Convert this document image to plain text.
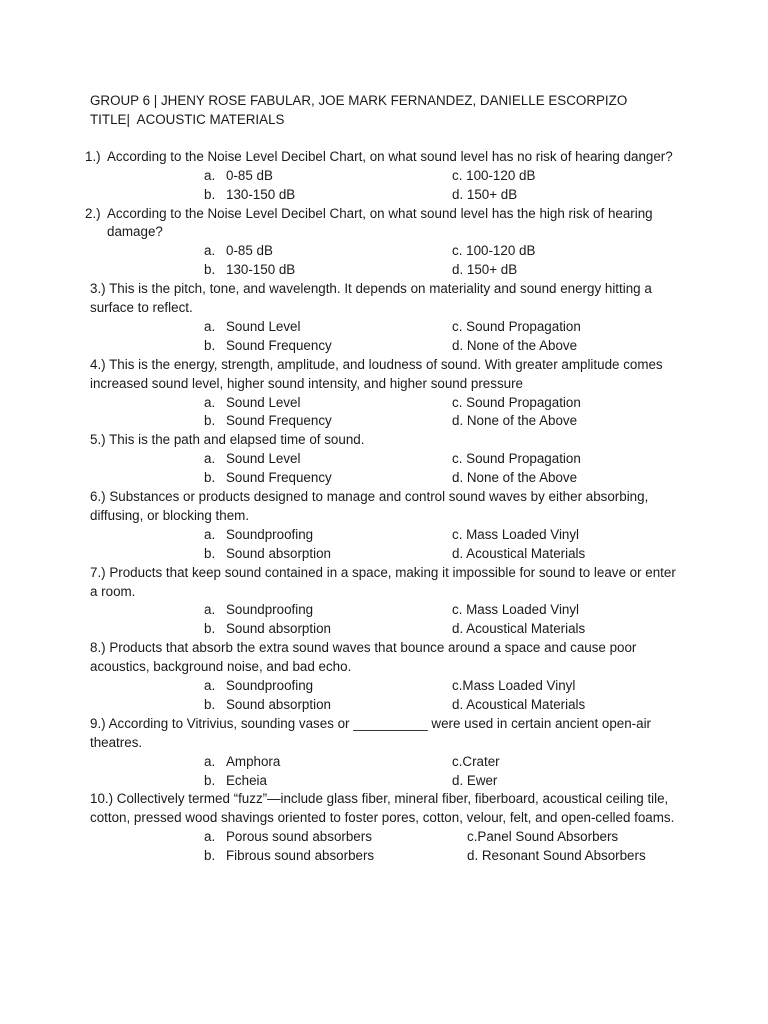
GROUP 6 | JHENY ROSE FABULAR, JOE MARK FERNANDEZ, DANIELLE ESCORPIZO
TITLE|  ACOUSTIC MATERIALS
1.) According to the Noise Level Decibel Chart, on what sound level has no risk of hearing danger?
a. 0-85 dB
b. 130-150 dB
c. 100-120 dB
d. 150+ dB
2.) According to the Noise Level Decibel Chart, on what sound level has the high risk of hearing damage?
a. 0-85 dB
b. 130-150 dB
c. 100-120 dB
d. 150+ dB
3.) This is the pitch, tone, and wavelength. It depends on materiality and sound energy hitting a surface to reflect.
a. Sound Level
b. Sound Frequency
c. Sound Propagation
d. None of the Above
4.) This is the energy, strength, amplitude, and loudness of sound. With greater amplitude comes increased sound level, higher sound intensity, and higher sound pressure
a. Sound Level
b. Sound Frequency
c. Sound Propagation
d. None of the Above
5.) This is the path and elapsed time of sound.
a. Sound Level
b. Sound Frequency
c. Sound Propagation
d. None of the Above
6.) Substances or products designed to manage and control sound waves by either absorbing, diffusing, or blocking them.
a. Soundproofing
b. Sound absorption
c. Mass Loaded Vinyl
d. Acoustical Materials
7.) Products that keep sound contained in a space, making it impossible for sound to leave or enter a room.
a. Soundproofing
b. Sound absorption
c. Mass Loaded Vinyl
d. Acoustical Materials
8.) Products that absorb the extra sound waves that bounce around a space and cause poor acoustics, background noise, and bad echo.
a. Soundproofing
b. Sound absorption
c.Mass Loaded Vinyl
d. Acoustical Materials
9.) According to Vitrivius, sounding vases or __________ were used in certain ancient open-air theatres.
a. Amphora
b. Echeia
c.Crater
d. Ewer
10.) Collectively termed “fuzz”—include glass fiber, mineral fiber, fiberboard, acoustical ceiling tile, cotton, pressed wood shavings oriented to foster pores, cotton, velour, felt, and open-celled foams.
a. Porous sound absorbers
b. Fibrous sound absorbers
c.Panel Sound Absorbers
d. Resonant Sound Absorbers
